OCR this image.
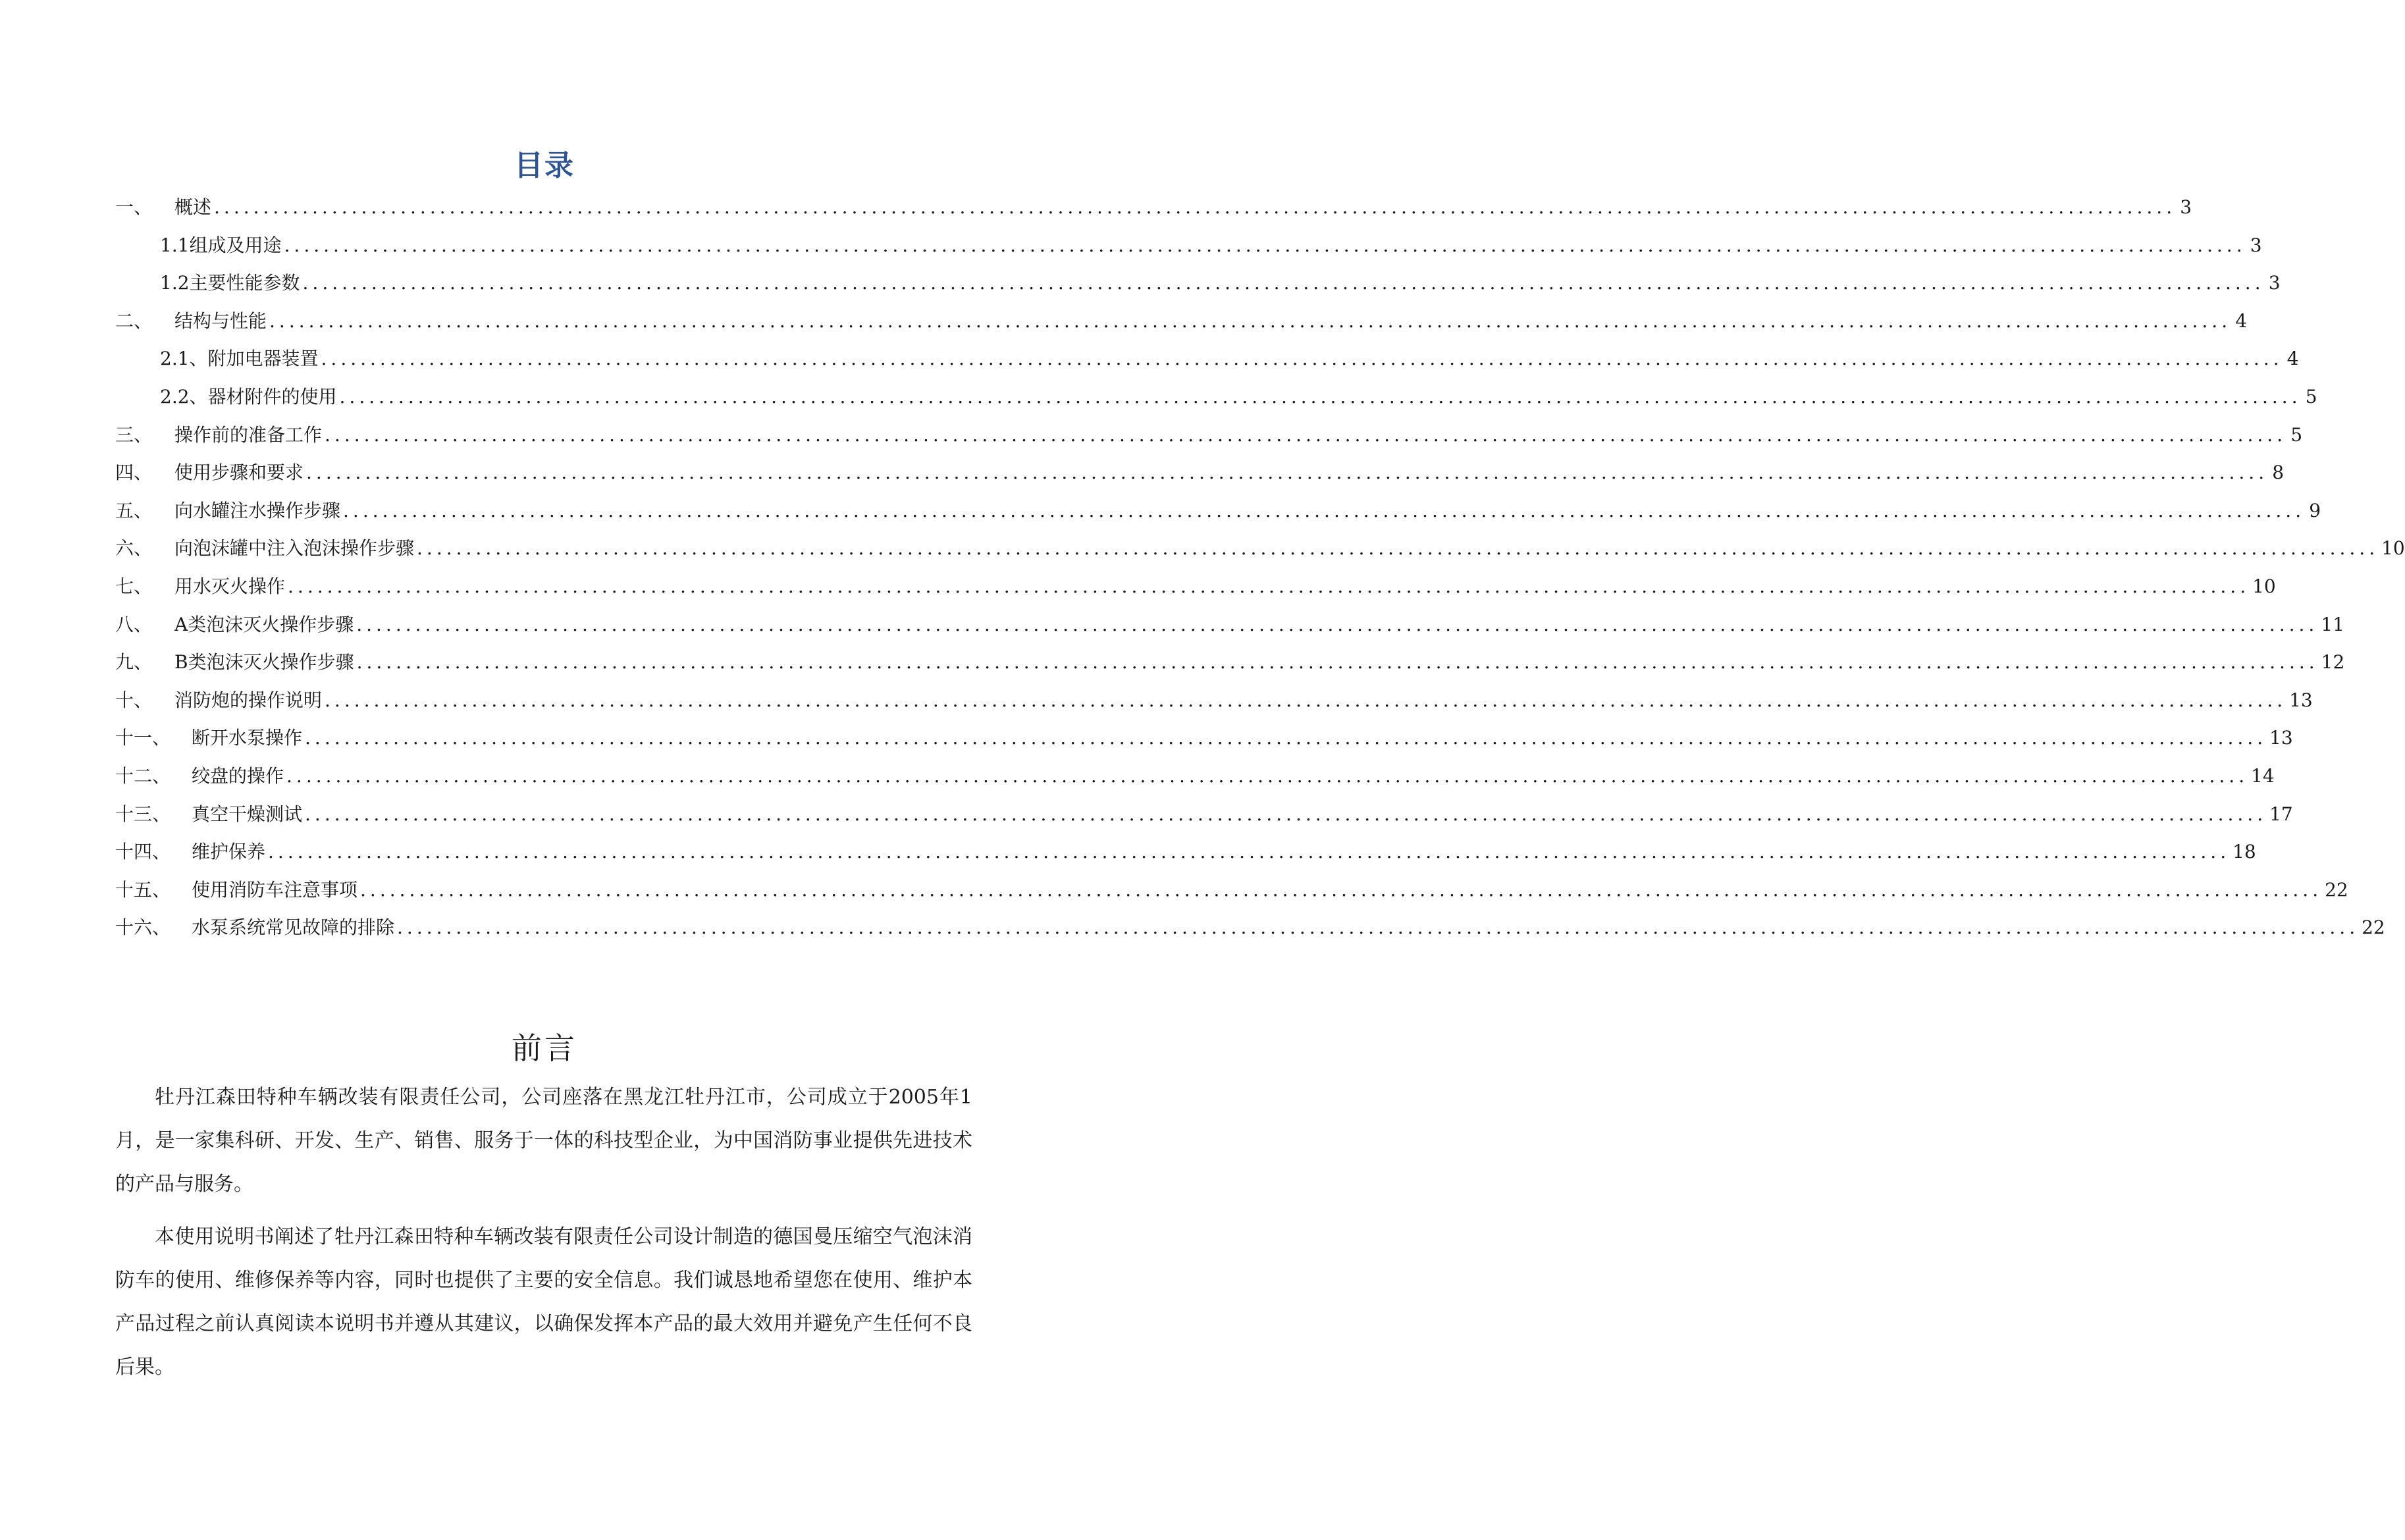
目录
一、	概述 ........................................................................................................................................................................................................ 3
1.1组成及用途 ........................................................................................................................................................................................................ 3
1.2主要性能参数 ........................................................................................................................................................................................................ 3
二、	结构与性能 ........................................................................................................................................................................................................ 4
2.1、附加电器装置 ........................................................................................................................................................................................................ 4
2.2、器材附件的使用 ........................................................................................................................................................................................................ 5
三、	操作前的准备工作 ........................................................................................................................................................................................................ 5
四、	使用步骤和要求 ........................................................................................................................................................................................................ 8
五、	向水罐注水操作步骤 ........................................................................................................................................................................................................ 9
六、	向泡沫罐中注入泡沫操作步骤 ........................................................................................................................................................................................................ 10
七、	用水灭火操作 ........................................................................................................................................................................................................ 10
八、	A类泡沫灭火操作步骤 ........................................................................................................................................................................................................ 11
九、	B类泡沫灭火操作步骤 ........................................................................................................................................................................................................ 12
十、	消防炮的操作说明 ........................................................................................................................................................................................................ 13
十一、	断开水泵操作 ........................................................................................................................................................................................................ 13
十二、	绞盘的操作 ........................................................................................................................................................................................................ 14
十三、	真空干燥测试 ........................................................................................................................................................................................................ 17
十四、	维护保养 ........................................................................................................................................................................................................ 18
十五、	使用消防车注意事项 ........................................................................................................................................................................................................ 22
十六、	水泵系统常见故障的排除 ........................................................................................................................................................................................................ 22
前言

牡丹江森田特种车辆改装有限责任公司，公司座落在黑龙江牡丹江市，公司成立于2005年1月，是一家集科研、开发、生产、销售、服务于一体的科技型企业，为中国消防事业提供先进技术的产品与服务。

本使用说明书阐述了牡丹江森田特种车辆改装有限责任公司设计制造的德国曼压缩空气泡沫消防车的使用、维修保养等内容，同时也提供了主要的安全信息。我们诚恳地希望您在使用、维护本产品过程之前认真阅读本说明书并遵从其建议，以确保发挥本产品的最大效用并避免产生任何不良后果。
